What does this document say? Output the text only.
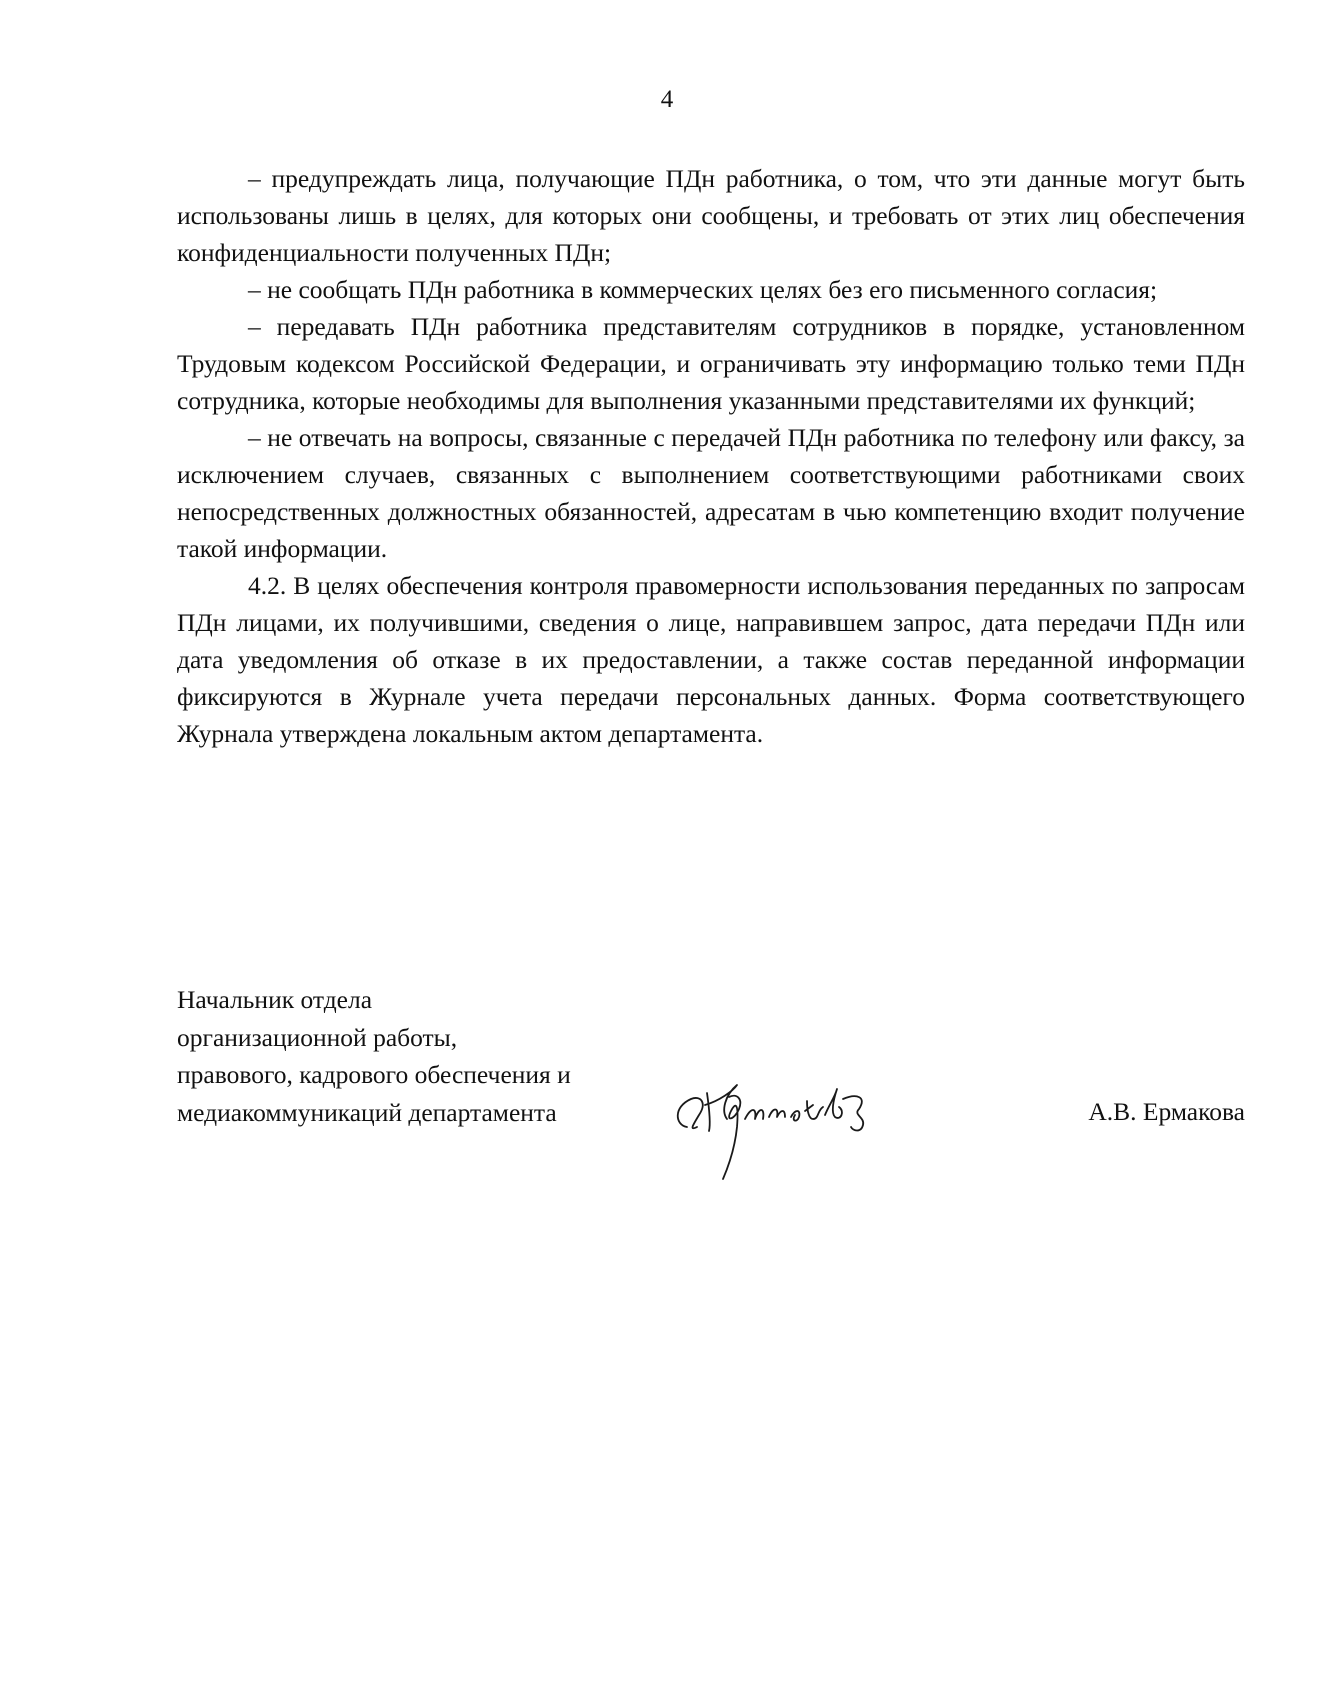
4

– предупреждать лица, получающие ПДн работника, о том, что эти данные могут быть использованы лишь в целях, для которых они сообщены, и требовать от этих лиц обеспечения конфиденциальности полученных ПДн;

– не сообщать ПДн работника в коммерческих целях без его письменного согласия;

– передавать ПДн работника представителям сотрудников в порядке, установленном Трудовым кодексом Российской Федерации, и ограничивать эту информацию только теми ПДн сотрудника, которые необходимы для выполнения указанными представителями их функций;

– не отвечать на вопросы, связанные с передачей ПДн работника по телефону или факсу, за исключением случаев, связанных с выполнением соответствующими работниками своих непосредственных должностных обязанностей, адресатам в чью компетенцию входит получение такой информации.

4.2. В целях обеспечения контроля правомерности использования переданных по запросам ПДн лицами, их получившими, сведения о лице, направившем запрос, дата передачи ПДн или дата уведомления об отказе в их предоставлении, а также состав переданной информации фиксируются в Журнале учета передачи персональных данных. Форма соответствующего Журнала утверждена локальным актом департамента.

Начальник отдела
организационной работы,
правового, кадрового обеспечения и
медиакоммуникаций департамента	А.В. Ермакова
